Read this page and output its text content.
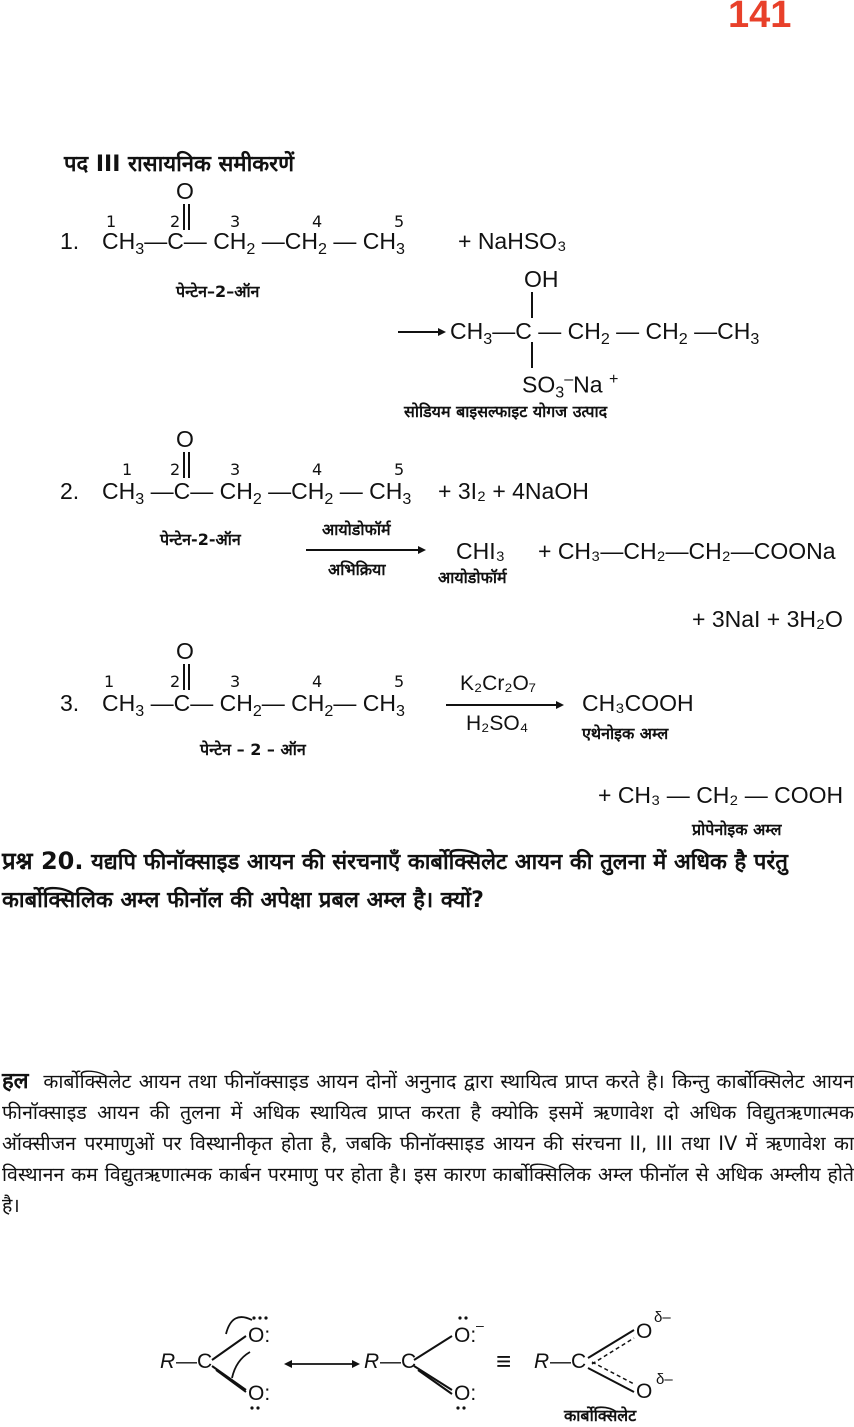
141
पद III रासायनिक समीकरणें
O
1.
1	2	3	4	5
$CH_3—C—$ $CH_2$ $—CH_2$ — $CH_3$ + NaHSO₃
पेन्टेन–2–ऑन	OH
$CH_3—C$ — $CH_2$ — $CH_2$ $—CH_3$
$SO_3^-Na$ +
सोडियम बाइसल्फाइट योगज उत्पाद
O
2.
1 2	3	4	5
$CH_3$ —C— $CH_2$ $—CH_2$ — $CH_3 + 3I_2$ + 4NaOH
पेन्टेन-2-ऑन
आयोडोफॉर्म
अभिक्रिया
CHI₃
आयोडोफॉर्म
+ CH₃—CH₂—CH₂—COONa
+ 3NaI + 3H₂O
O
3.
1	2	3	4	5
$CH_3$ —C— $CH_2—$ $CH_2—$ $CH_3$
K₂Cr₂O₇
H₂SO₄
पेन्टेन – 2 – ऑन
CH₃COOH
एथेनोइक अम्ल
+ CH₃ — CH₂ — COOH
प्रोपेनोइक अम्ल
प्रश्न 20. यद्यपि फीनॉक्साइड आयन की संरचनाएँ कार्बोक्सिलेट आयन की तुलना में अधिक है परंतु कार्बोक्सिलिक अम्ल फीनॉल की अपेक्षा प्रबल अम्ल है। क्यों?
हल कार्बोक्सिलेट आयन तथा फीनॉक्साइड आयन दोनों अनुनाद द्वारा स्थायित्व प्राप्त करते है। किन्तु कार्बोक्सिलेट आयन फीनॉक्साइड आयन की तुलना में अधिक स्थायित्व प्राप्त करता है क्योकि इसमें ऋणावेश दो अधिक विद्युतऋणात्मक ऑक्सीजन परमाणुओं पर विस्थानीकृत होता है, जबकि फीनॉक्साइड आयन की संरचना II, III तथा IV में ऋणावेश का विस्थानन कम विद्युतऋणात्मक कार्बन परमाणु पर होता है। इस कारण कार्बोक्सिलिक अम्ल फीनॉल से अधिक अम्लीय होते है।
R —C
O:
O:
R —C
O: –
O:
≡ R —C
O
δ–
O
δ–
कार्बोक्सिलेट
